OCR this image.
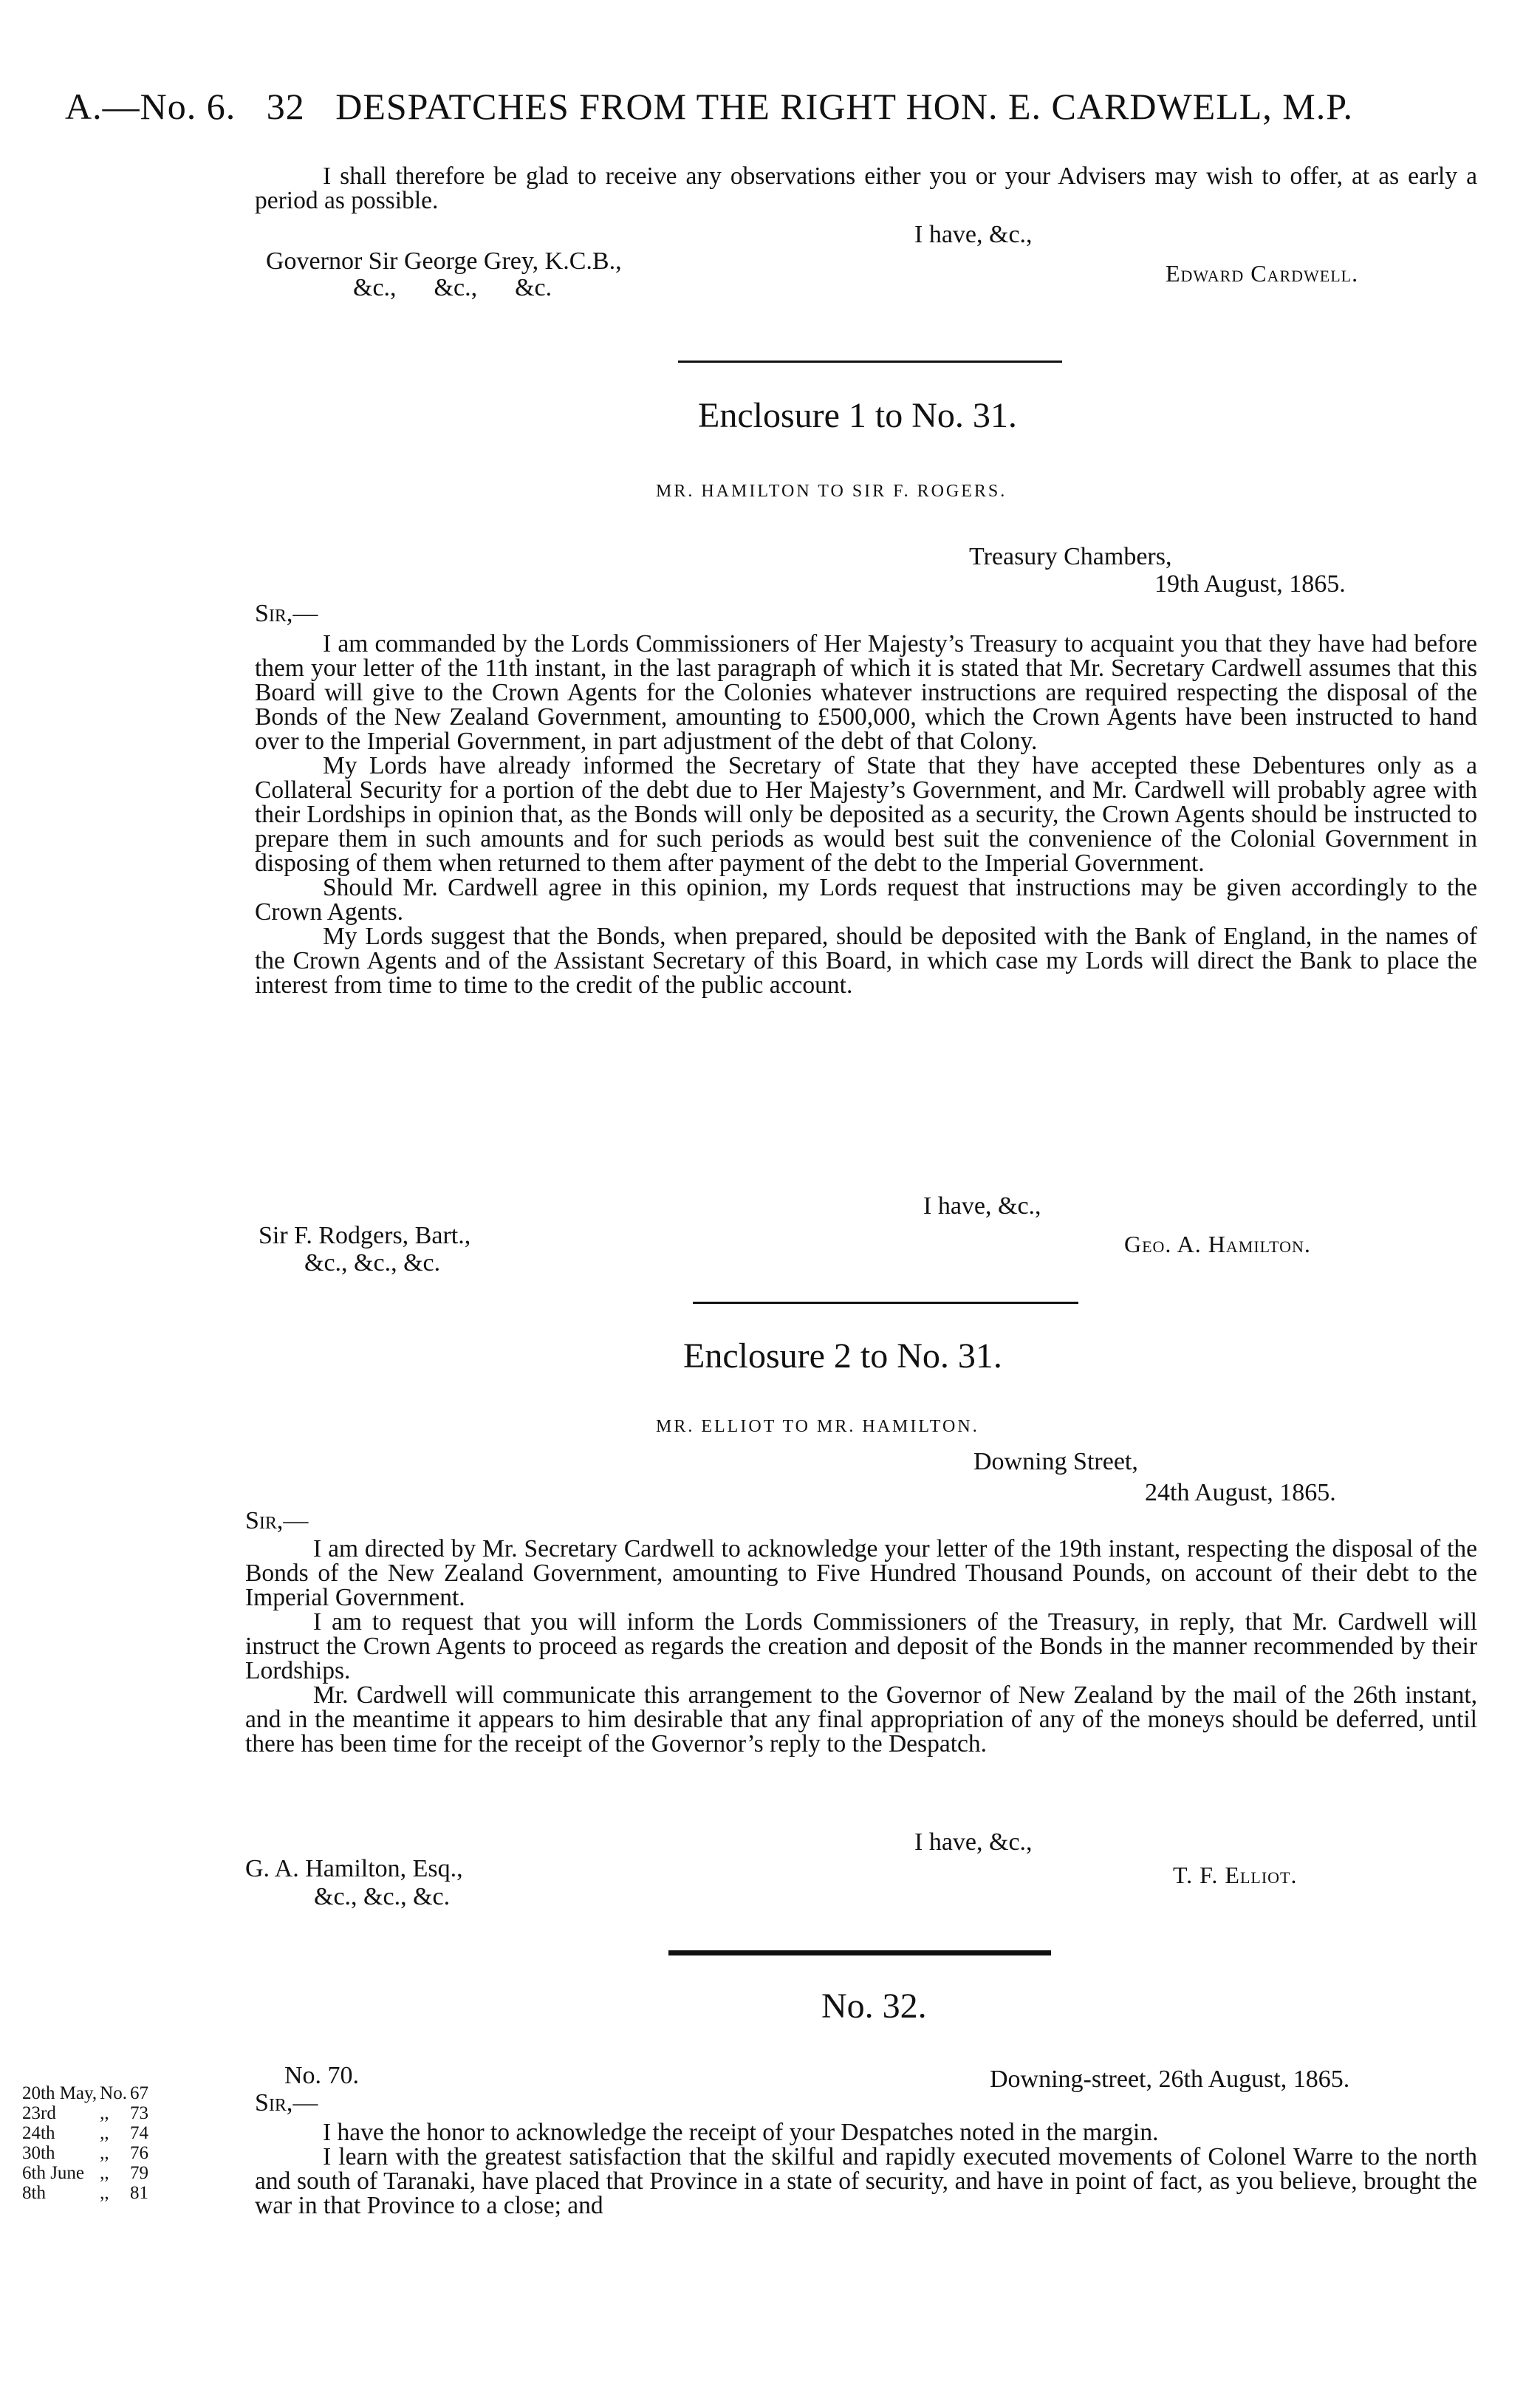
A.—No. 6. 32 DESPATCHES FROM THE RIGHT HON. E. CARDWELL, M.P.

I shall therefore be glad to receive any observations either you or your Advisers may wish to offer, at as early a period as possible.

I have, &c.,
Governor Sir George Grey, K.C.B.,
&c.,      &c.,      &c.
Edward Cardwell.
Enclosure 1 to No. 31.
MR. HAMILTON TO SIR F. ROGERS.
Treasury Chambers,
19th August, 1865.
Sir,—

I am commanded by the Lords Commissioners of Her Majesty’s Treasury to acquaint you that they have had before them your letter of the 11th instant, in the last paragraph of which it is stated that Mr. Secretary Cardwell assumes that this Board will give to the Crown Agents for the Colonies whatever instructions are required respecting the disposal of the Bonds of the New Zealand Government, amounting to £500,000, which the Crown Agents have been instructed to hand over to the Imperial Government, in part adjustment of the debt of that Colony.

My Lords have already informed the Secretary of State that they have accepted these Debentures only as a Collateral Security for a portion of the debt due to Her Majesty’s Government, and Mr. Cardwell will probably agree with their Lordships in opinion that, as the Bonds will only be deposited as a security, the Crown Agents should be instructed to prepare them in such amounts and for such periods as would best suit the convenience of the Colonial Government in disposing of them when returned to them after payment of the debt to the Imperial Government.

Should Mr. Cardwell agree in this opinion, my Lords request that instructions may be given accordingly to the Crown Agents.

My Lords suggest that the Bonds, when prepared, should be deposited with the Bank of England, in the names of the Crown Agents and of the Assistant Secretary of this Board, in which case my Lords will direct the Bank to place the interest from time to time to the credit of the public account.

I have, &c.,
Sir F. Rodgers, Bart.,
&c., &c., &c.
Geo. A. Hamilton.
Enclosure 2 to No. 31.
MR. ELLIOT TO MR. HAMILTON.
Downing Street,
24th August, 1865.
Sir,—

I am directed by Mr. Secretary Cardwell to acknowledge your letter of the 19th instant, respecting the disposal of the Bonds of the New Zealand Government, amounting to Five Hundred Thousand Pounds, on account of their debt to the Imperial Government.

I am to request that you will inform the Lords Commissioners of the Treasury, in reply, that Mr. Cardwell will instruct the Crown Agents to proceed as regards the creation and deposit of the Bonds in the manner recommended by their Lordships.

Mr. Cardwell will communicate this arrangement to the Governor of New Zealand by the mail of the 26th instant, and in the meantime it appears to him desirable that any final appropriation of any of the moneys should be deferred, until there has been time for the receipt of the Governor’s reply to the Despatch.

I have, &c.,
G. A. Hamilton, Esq.,
&c., &c., &c.
T. F. Elliot.
No. 32.
No. 70.	Downing-street, 26th August, 1865.
Sir,—
20th May,	No.	67
23rd	,,	73
24th	,,	74
30th	,,	76
6th June	,,	79
8th	,,	81

I have the honor to acknowledge the receipt of your Despatches noted in the margin.

I learn with the greatest satisfaction that the skilful and rapidly executed movements of Colonel Warre to the north and south of Taranaki, have placed that Province in a state of security, and have in point of fact, as you believe, brought the war in that Province to a close; and
